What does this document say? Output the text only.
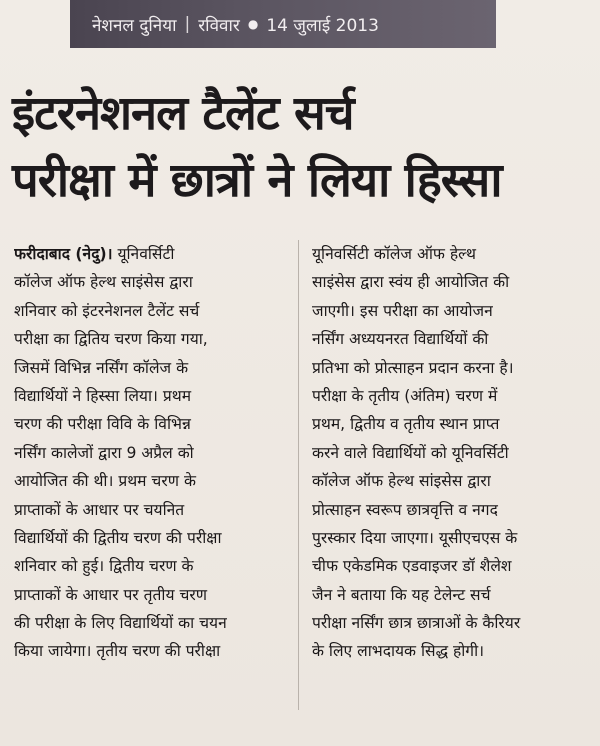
नेशनल दुनिया | रविवार ● 14 जुलाई 2013
इंटरनेशनल टैलेंट सर्च
परीक्षा में छात्रों ने लिया हिस्सा
फरीदाबाद (नेदु)। यूनिवर्सिटी
कॉलेज ऑफ हेल्थ साइंसेस द्वारा
शनिवार को इंटरनेशनल टैलेंट सर्च
परीक्षा का द्वितिय चरण किया गया,
जिसमें विभिन्न नर्सिंग कॉलेज के
विद्यार्थियों ने हिस्सा लिया। प्रथम
चरण की परीक्षा विवि के विभिन्न
नर्सिंग कालेजों द्वारा 9 अप्रैल को
आयोजित की थी। प्रथम चरण के
प्राप्ताकों के आधार पर चयनित
विद्यार्थियों की द्वितीय चरण की परीक्षा
शनिवार को हुई। द्वितीय चरण के
प्राप्ताकों के आधार पर तृतीय चरण
की परीक्षा के लिए विद्यार्थियों का चयन
किया जायेगा। तृतीय चरण की परीक्षा
यूनिवर्सिटी कॉलेज ऑफ हेल्थ
साइंसेस द्वारा स्वंय ही आयोजित की
जाएगी। इस परीक्षा का आयोजन
नर्सिंग अध्ययनरत विद्यार्थियों की
प्रतिभा को प्रोत्साहन प्रदान करना है।
परीक्षा के तृतीय (अंतिम) चरण में
प्रथम, द्वितीय व तृतीय स्थान प्राप्त
करने वाले विद्यार्थियों को यूनिवर्सिटी
कॉलेज ऑफ हेल्थ सांइसेस द्वारा
प्रोत्साहन स्वरूप छात्रवृत्ति व नगद
पुरस्कार दिया जाएगा। यूसीएचएस के
चीफ एकेडमिक एडवाइजर डॉ शैलेश
जैन ने बताया कि यह टेलेन्ट सर्च
परीक्षा नर्सिंग छात्र छात्राओं के कैरियर
के लिए लाभदायक सिद्ध होगी।
